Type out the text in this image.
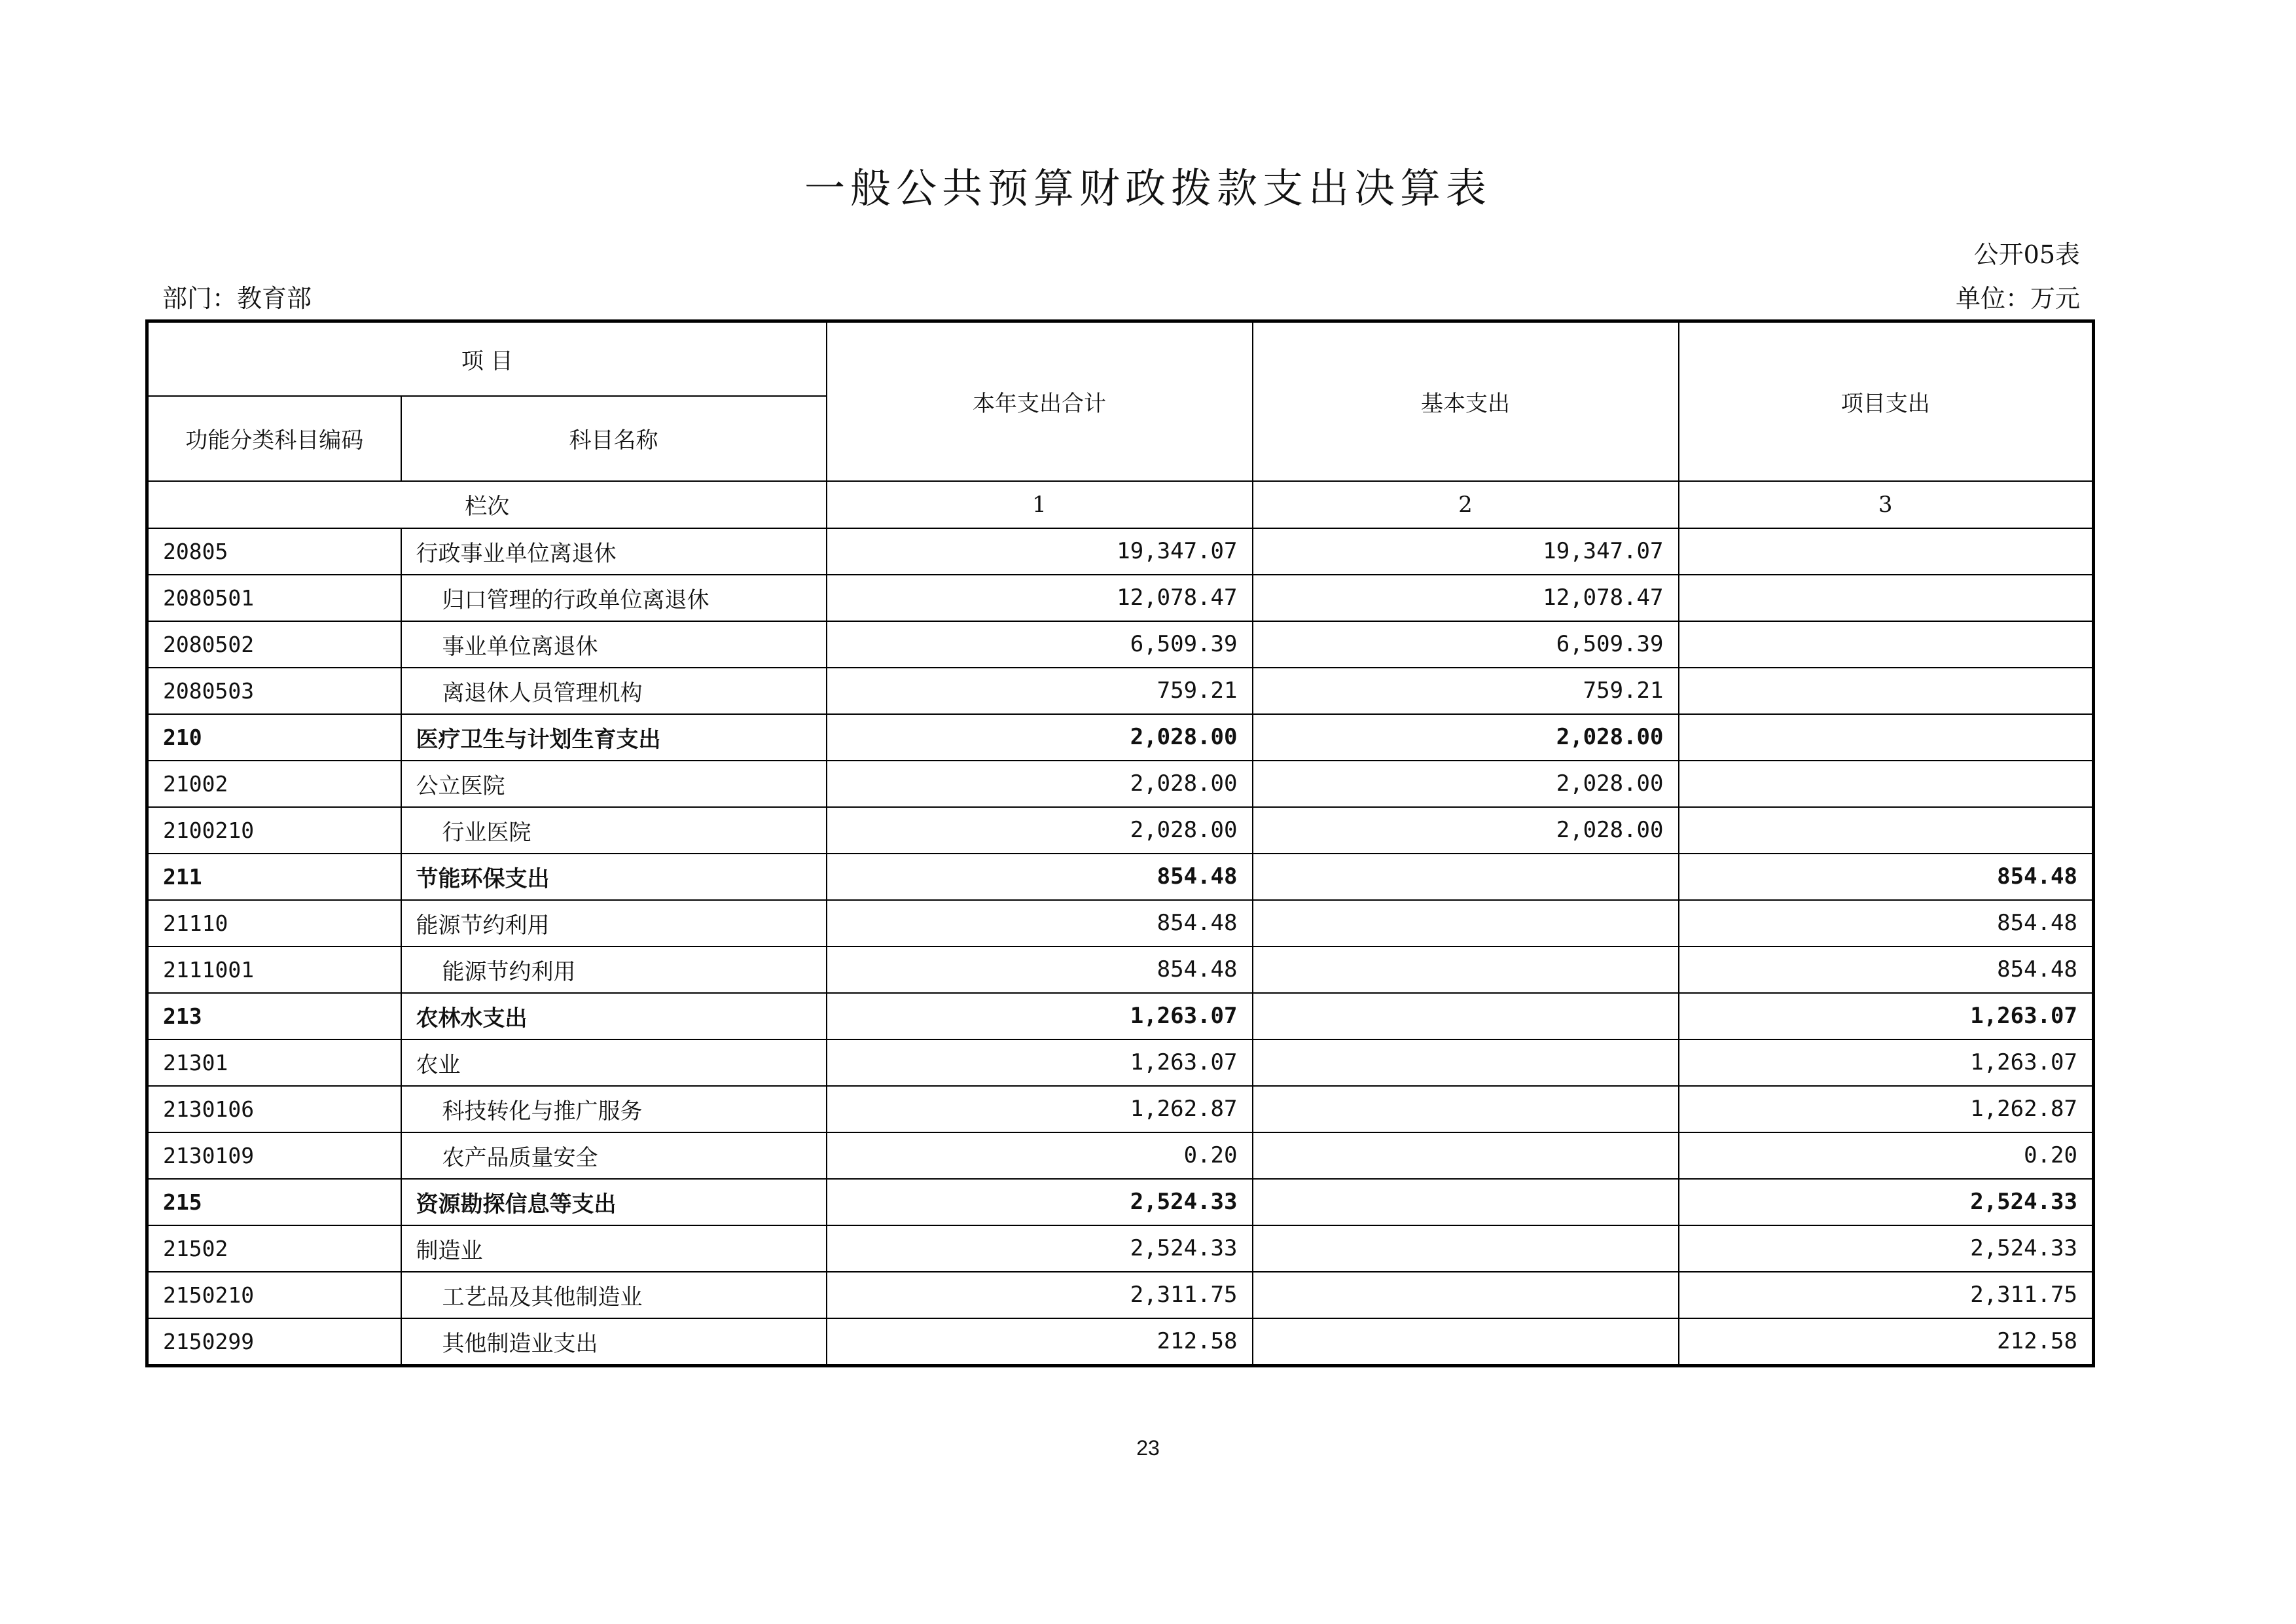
一般公共预算财政拨款支出决算表
公开05表
部门：教育部	单位：万元
项 目		本年支出合计	基本支出	项目支出
功能分类科目编码	科目名称			
栏次		1	2	3
20805	行政事业单位离退休	19,347.07	19,347.07	
2080501	归口管理的行政单位离退休	12,078.47	12,078.47	
2080502	事业单位离退休	6,509.39	6,509.39	
2080503	离退休人员管理机构	759.21	759.21	
210	医疗卫生与计划生育支出	2,028.00	2,028.00	
21002	公立医院	2,028.00	2,028.00	
2100210	行业医院	2,028.00	2,028.00	
211	节能环保支出	854.48		854.48
21110	能源节约利用	854.48		854.48
2111001	能源节约利用	854.48		854.48
213	农林水支出	1,263.07		1,263.07
21301	农业	1,263.07		1,263.07
2130106	科技转化与推广服务	1,262.87		1,262.87
2130109	农产品质量安全	0.20		0.20
215	资源勘探信息等支出	2,524.33		2,524.33
21502	制造业	2,524.33		2,524.33
2150210	工艺品及其他制造业	2,311.75		2,311.75
2150299	其他制造业支出	212.58		212.58
23
